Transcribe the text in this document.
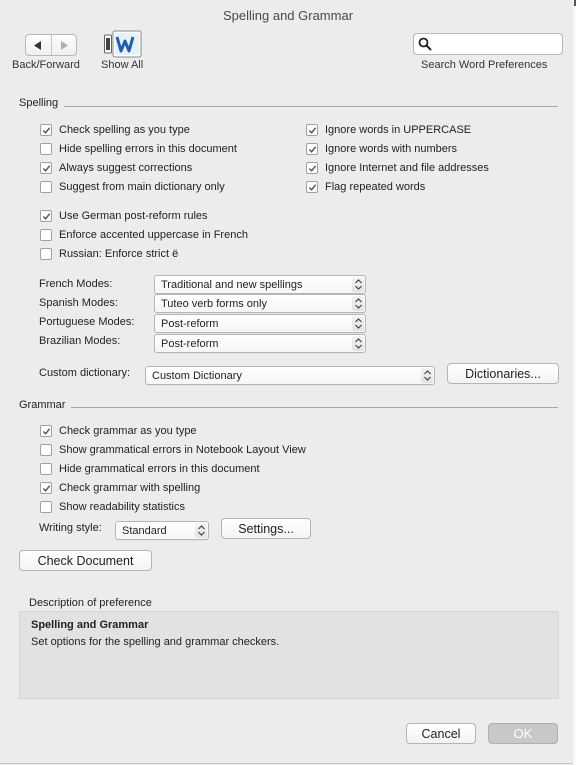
Spelling and Grammar
Back/Forward Show All	Search Word Preferences
Spelling
Check spelling as you type
Hide spelling errors in this document
Always suggest corrections
Suggest from main dictionary only
Ignore words in UPPERCASE
Ignore words with numbers
Ignore Internet and file addresses
Flag repeated words
Use German post-reform rules
Enforce accented uppercase in French
Russian: Enforce strict ё
French Modes:	Traditional and new spellings
Spanish Modes:	Tuteo verb forms only
Portuguese Modes:	Post-reform
Brazilian Modes:	Post-reform
Custom dictionary:	Custom Dictionary	Dictionaries...
Grammar
Check grammar as you type
Show grammatical errors in Notebook Layout View
Hide grammatical errors in this document
Check grammar with spelling
Show readability statistics
Writing style:	Standard	Settings...
Check Document
Description of preference
Spelling and Grammar
Set options for the spelling and grammar checkers.
Cancel	OK
